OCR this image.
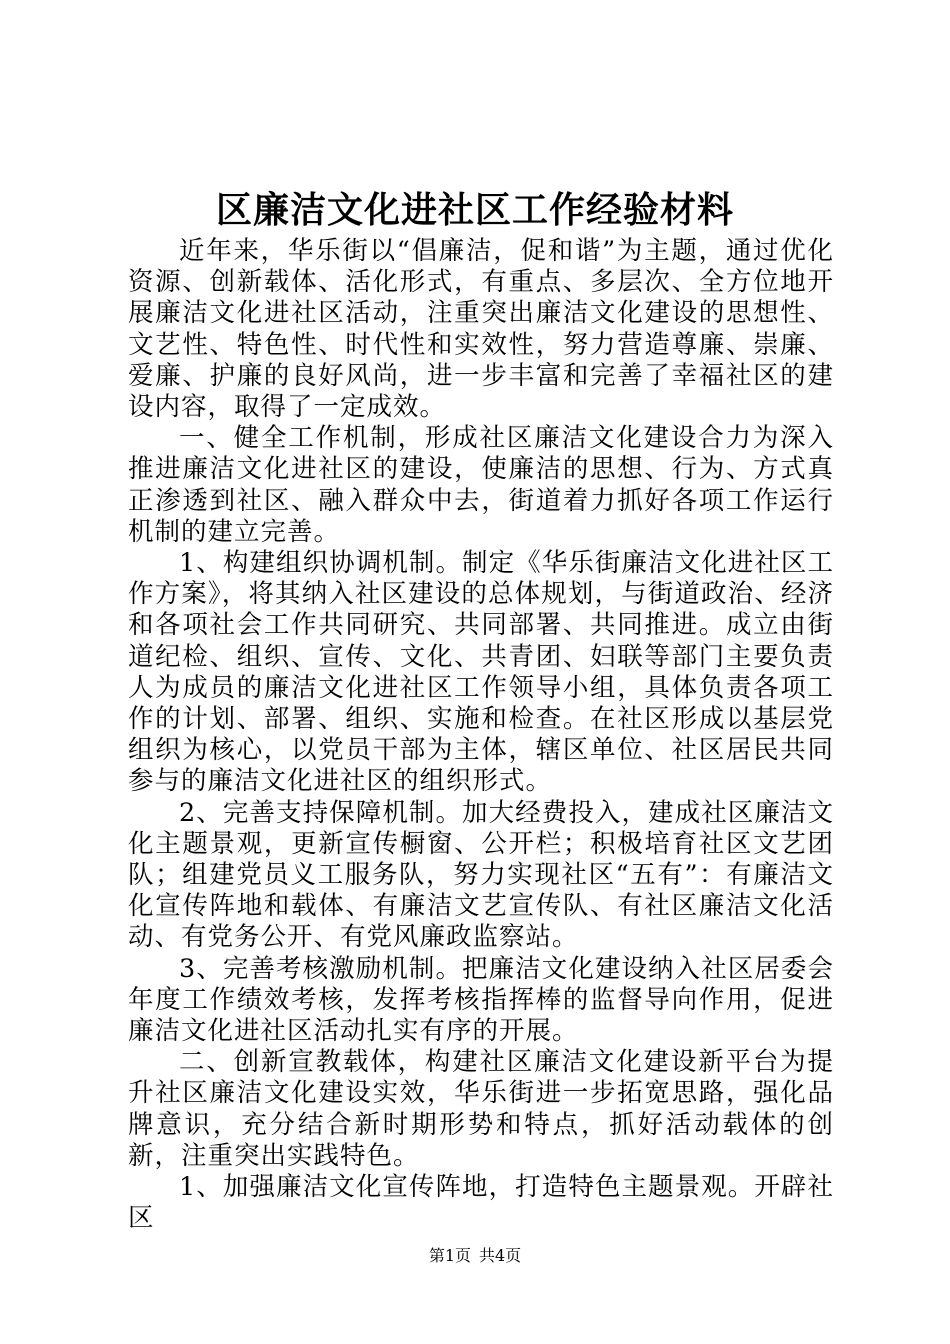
区廉洁文化进社区工作经验材料

近年来，华乐街以“倡廉洁，促和谐”为主题，通过优化资源、创新载体、活化形式，有重点、多层次、全方位地开展廉洁文化进社区活动，注重突出廉洁文化建设的思想性、文艺性、特色性、时代性和实效性，努力营造尊廉、崇廉、爱廉、护廉的良好风尚，进一步丰富和完善了幸福社区的建设内容，取得了一定成效。

一、健全工作机制，形成社区廉洁文化建设合力为深入推进廉洁文化进社区的建设，使廉洁的思想、行为、方式真正渗透到社区、融入群众中去，街道着力抓好各项工作运行机制的建立完善。

1、构建组织协调机制。制定《华乐街廉洁文化进社区工作方案》，将其纳入社区建设的总体规划，与街道政治、经济和各项社会工作共同研究、共同部署、共同推进。成立由街道纪检、组织、宣传、文化、共青团、妇联等部门主要负责人为成员的廉洁文化进社区工作领导小组，具体负责各项工作的计划、部署、组织、实施和检查。在社区形成以基层党组织为核心，以党员干部为主体，辖区单位、社区居民共同参与的廉洁文化进社区的组织形式。

2、完善支持保障机制。加大经费投入，建成社区廉洁文化主题景观，更新宣传橱窗、公开栏；积极培育社区文艺团队；组建党员义工服务队，努力实现社区“五有”：有廉洁文化宣传阵地和载体、有廉洁文艺宣传队、有社区廉洁文化活动、有党务公开、有党风廉政监察站。

3、完善考核激励机制。把廉洁文化建设纳入社区居委会年度工作绩效考核，发挥考核指挥棒的监督导向作用，促进廉洁文化进社区活动扎实有序的开展。

二、创新宣教载体，构建社区廉洁文化建设新平台为提升社区廉洁文化建设实效，华乐街进一步拓宽思路，强化品牌意识，充分结合新时期形势和特点，抓好活动载体的创新，注重突出实践特色。

1、加强廉洁文化宣传阵地，打造特色主题景观。开辟社区

第1页 共4页
